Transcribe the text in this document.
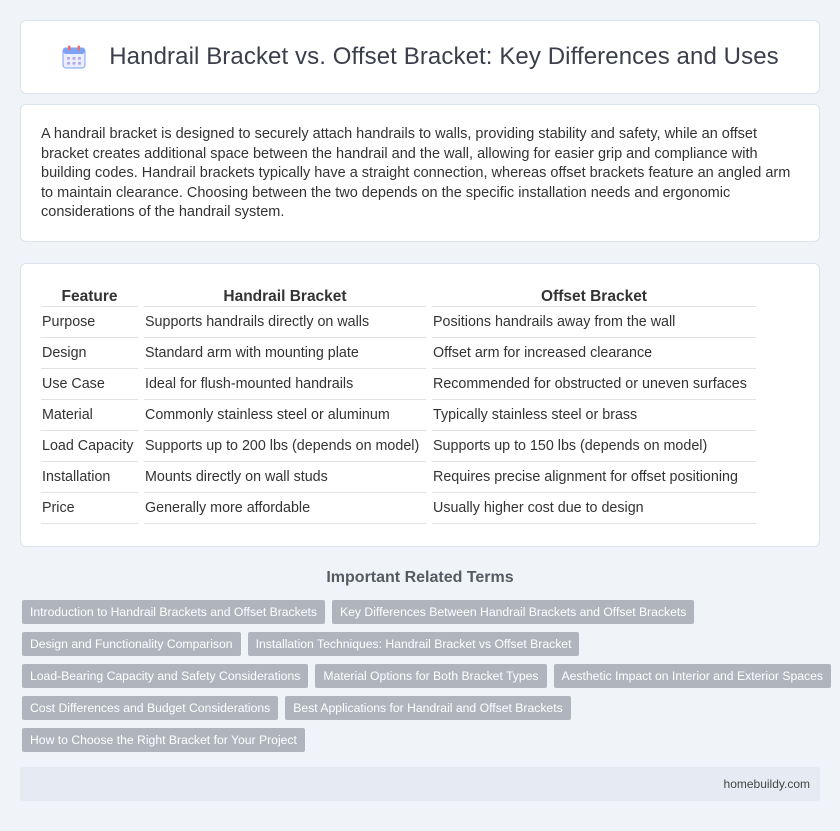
Handrail Bracket vs. Offset Bracket: Key Differences and Uses

A handrail bracket is designed to securely attach handrails to walls, providing stability and safety, while an offset bracket creates additional space between the handrail and the wall, allowing for easier grip and compliance with building codes. Handrail brackets typically have a straight connection, whereas offset brackets feature an angled arm to maintain clearance. Choosing between the two depends on the specific installation needs and ergonomic considerations of the handrail system.

Feature	Handrail Bracket	Offset Bracket
Purpose	Supports handrails directly on walls	Positions handrails away from the wall
Design	Standard arm with mounting plate	Offset arm for increased clearance
Use Case	Ideal for flush-mounted handrails	Recommended for obstructed or uneven surfaces
Material	Commonly stainless steel or aluminum	Typically stainless steel or brass
Load Capacity	Supports up to 200 lbs (depends on model)	Supports up to 150 lbs (depends on model)
Installation	Mounts directly on wall studs	Requires precise alignment for offset positioning
Price	Generally more affordable	Usually higher cost due to design
Important Related Terms
Introduction to Handrail Brackets and Offset Brackets	Key Differences Between Handrail Brackets and Offset Brackets
Design and Functionality Comparison	Installation Techniques: Handrail Bracket vs Offset Bracket
Load-Bearing Capacity and Safety Considerations	Material Options for Both Bracket Types	Aesthetic Impact on Interior and Exterior Spaces
Cost Differences and Budget Considerations	Best Applications for Handrail and Offset Brackets
How to Choose the Right Bracket for Your Project
homebuildy.com
